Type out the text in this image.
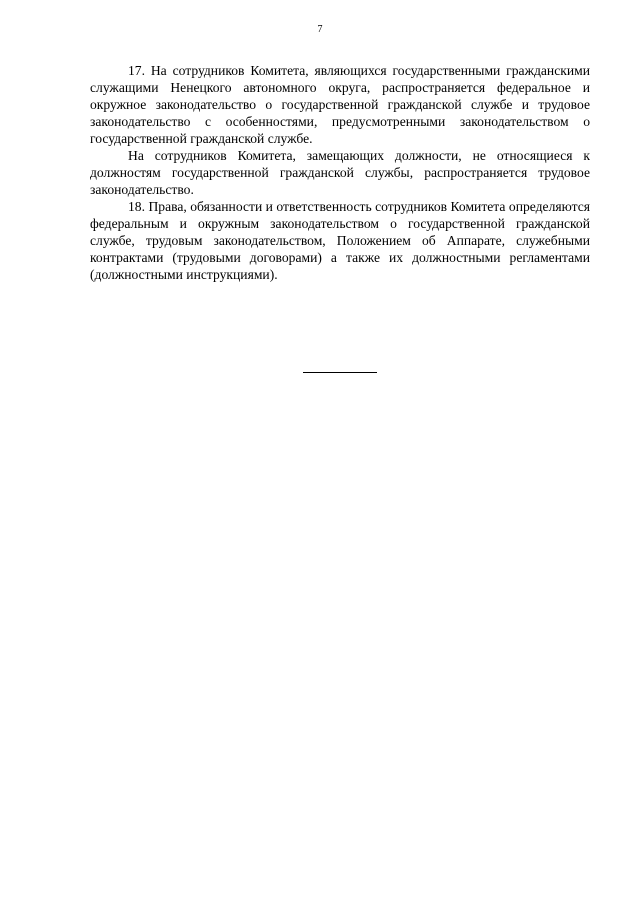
7

17. На сотрудников Комитета, являющихся государственными гражданскими служащими Ненецкого автономного округа, распространяется федеральное и окружное законодательство о государственной гражданской службе и трудовое законодательство с особенностями, предусмотренными законодательством о государственной гражданской службе.

На сотрудников Комитета, замещающих должности, не относящиеся к должностям государственной гражданской службы, распространяется трудовое законодательство.

18. Права, обязанности и ответственность сотрудников Комитета определяются федеральным и окружным законодательством о государственной гражданской службе, трудовым законодательством, Положением об Аппарате, служебными контрактами (трудовыми договорами) а также их должностными регламентами (должностными инструкциями).
